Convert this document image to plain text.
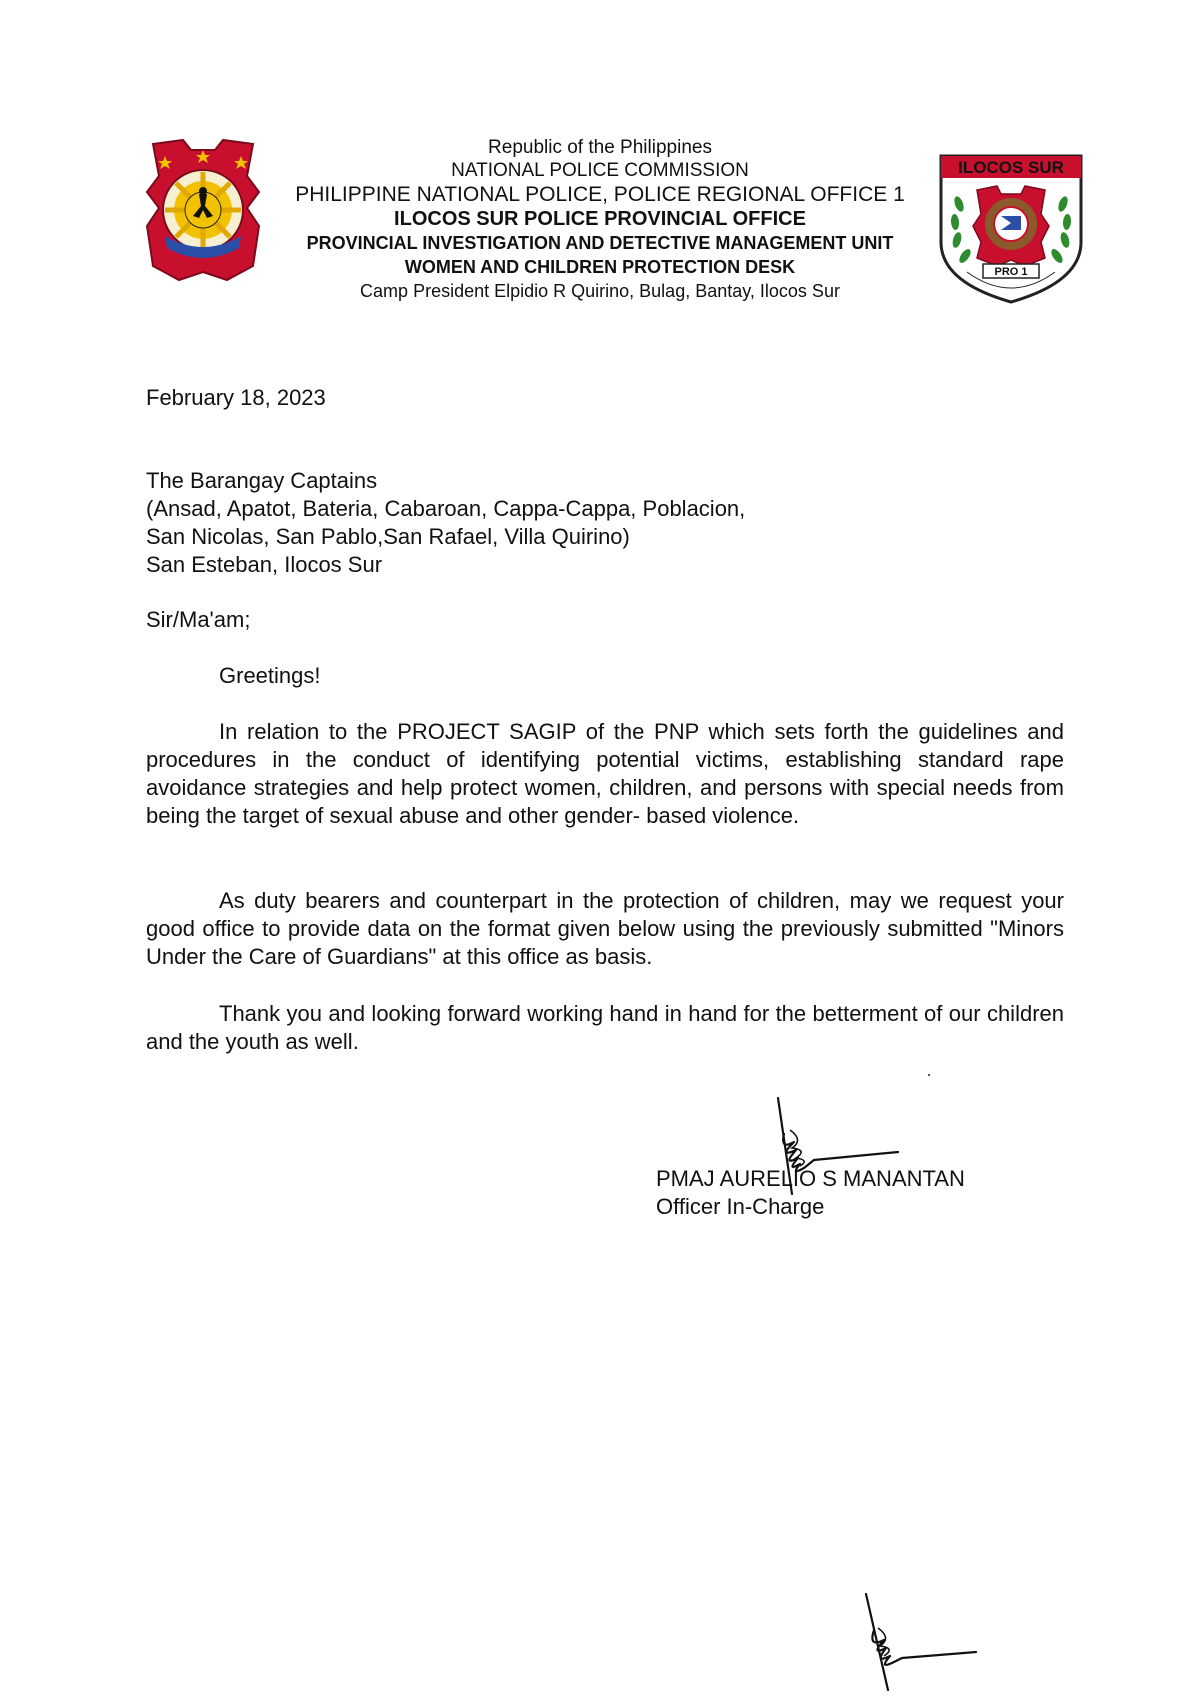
Republic of the Philippines
NATIONAL POLICE COMMISSION
PHILIPPINE NATIONAL POLICE, POLICE REGIONAL OFFICE 1
ILOCOS SUR POLICE PROVINCIAL OFFICE
PROVINCIAL INVESTIGATION AND DETECTIVE MANAGEMENT UNIT
WOMEN AND CHILDREN PROTECTION DESK
Camp President Elpidio R Quirino, Bulag, Bantay, Ilocos Sur
ILOCOS SUR
PRO 1
February 18, 2023
The Barangay Captains
(Ansad, Apatot, Bateria, Cabaroan, Cappa-Cappa, Poblacion,
San Nicolas, San Pablo,San Rafael, Villa Quirino)
San Esteban, Ilocos Sur
Sir/Ma'am;
Greetings!
In relation to the PROJECT SAGIP of the PNP which sets forth the guidelines and procedures in the conduct of identifying potential victims, establishing standard rape avoidance strategies and help protect women, children, and persons with special needs from being the target of sexual abuse and other gender- based violence.
As duty bearers and counterpart in the protection of children, may we request your good office to provide data on the format given below using the previously submitted "Minors Under the Care of Guardians" at this office as basis.
Thank you and looking forward working hand in hand for the betterment of our children and the youth as well.
PMAJ AURELIO S MANANTAN
Officer In-Charge
